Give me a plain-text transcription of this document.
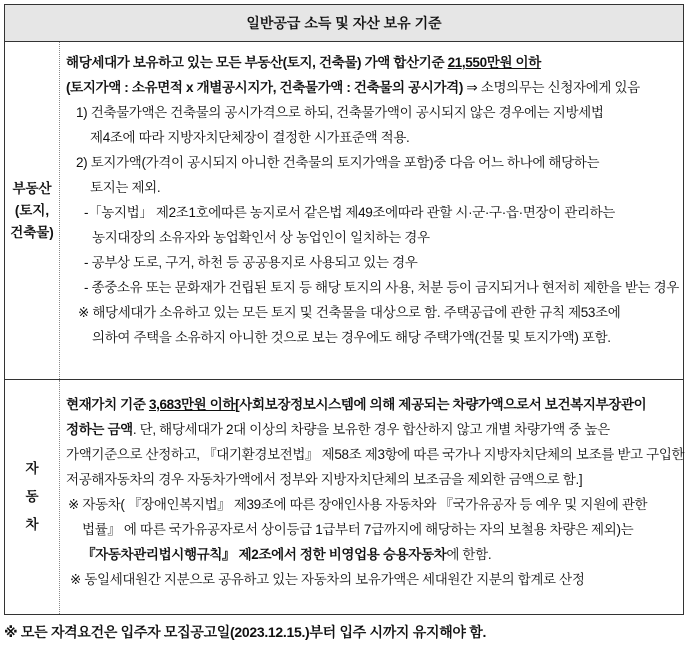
일반공급 소득 및 자산 보유 기준
부동산
(토지,
건축물)
해당세대가 보유하고 있는 모든 부동산(토지, 건축물) 가액 합산기준 21,550만원 이하
(토지가액 : 소유면적 x 개별공시지가, 건축물가액 : 건축물의 공시가격) ⇒ 소명의무는 신청자에게 있음
1) 건축물가액은 건축물의 공시가격으로 하되, 건축물가액이 공시되지 않은 경우에는 지방세법
제4조에 따라 지방자치단체장이 결정한 시가표준액 적용.
2) 토지가액(가격이 공시되지 아니한 건축물의 토지가액을 포함)중 다음 어느 하나에 해당하는
토지는 제외.
-「농지법」 제2조1호에따른 농지로서 같은법 제49조에따라 관할 시·군·구·읍·면장이 관리하는
농지대장의 소유자와 농업확인서 상 농업인이 일치하는 경우
- 공부상 도로, 구거, 하천 등 공공용지로 사용되고 있는 경우
- 종중소유 또는 문화재가 건립된 토지 등 해당 토지의 사용, 처분 등이 금지되거나 현저히 제한을 받는 경우
※ 해당세대가 소유하고 있는 모든 토지 및 건축물을 대상으로 함. 주택공급에 관한 규칙 제53조에
의하여 주택을 소유하지 아니한 것으로 보는 경우에도 해당 주택가액(건물 및 토지가액) 포함.
자
동
차
현재가치 기준 3,683만원 이하[사회보장정보시스템에 의해 제공되는 차량가액으로서 보건복지부장관이
정하는 금액. 단, 해당세대가 2대 이상의 차량을 보유한 경우 합산하지 않고 개별 차량가액 중 높은
가액기준으로 산정하고, 『대기환경보전법』 제58조 제3항에 따른 국가나 지방자치단체의 보조를 받고 구입한
저공해자동차의 경우 자동차가액에서 정부와 지방자치단체의 보조금을 제외한 금액으로 함.]
※ 자동차( 『장애인복지법』 제39조에 따른 장애인사용 자동차와 『국가유공자 등 예우 및 지원에 관한
법률』 에 따른 국가유공자로서 상이등급 1급부터 7급까지에 해당하는 자의 보철용 차량은 제외)는
『자동차관리법시행규칙』 제2조에서 정한 비영업용 승용자동차에 한함.
※ 동일세대원간 지분으로 공유하고 있는 자동차의 보유가액은 세대원간 지분의 합계로 산정
※ 모든 자격요건은 입주자 모집공고일(2023.12.15.)부터 입주 시까지 유지해야 함.
